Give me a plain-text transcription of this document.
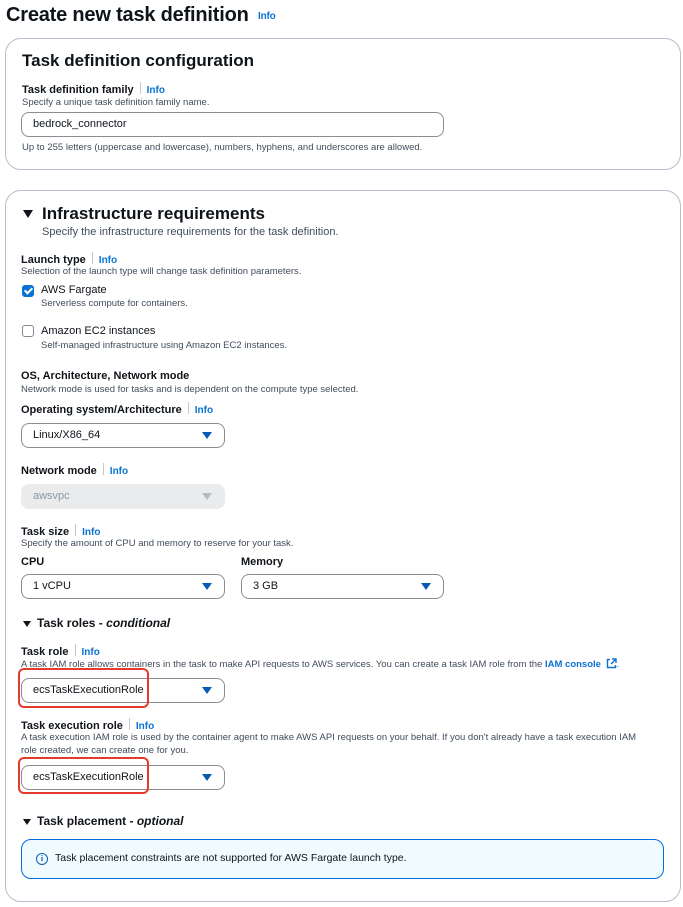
Create new task definition Info
Task definition configuration
Task definition family Info
Specify a unique task definition family name.
bedrock_connector
Up to 255 letters (uppercase and lowercase), numbers, hyphens, and underscores are allowed.
Infrastructure requirements
Specify the infrastructure requirements for the task definition.
Launch type Info
Selection of the launch type will change task definition parameters.
AWS Fargate
Serverless compute for containers.
Amazon EC2 instances
Self-managed infrastructure using Amazon EC2 instances.
OS, Architecture, Network mode
Network mode is used for tasks and is dependent on the compute type selected.
Operating system/Architecture Info
Linux/X86_64
Network mode Info
awsvpc
Task size Info
Specify the amount of CPU and memory to reserve for your task.
CPU
1 vCPU
Memory
3 GB
Task roles - conditional
Task role Info
A task IAM role allows containers in the task to make API requests to AWS services. You can create a task IAM role from the IAM console .
ecsTaskExecutionRole
Task execution role Info
A task execution IAM role is used by the container agent to make AWS API requests on your behalf. If you don't already have a task execution IAM
role created, we can create one for you.
ecsTaskExecutionRole
Task placement - optional
i	Task placement constraints are not supported for AWS Fargate launch type.
